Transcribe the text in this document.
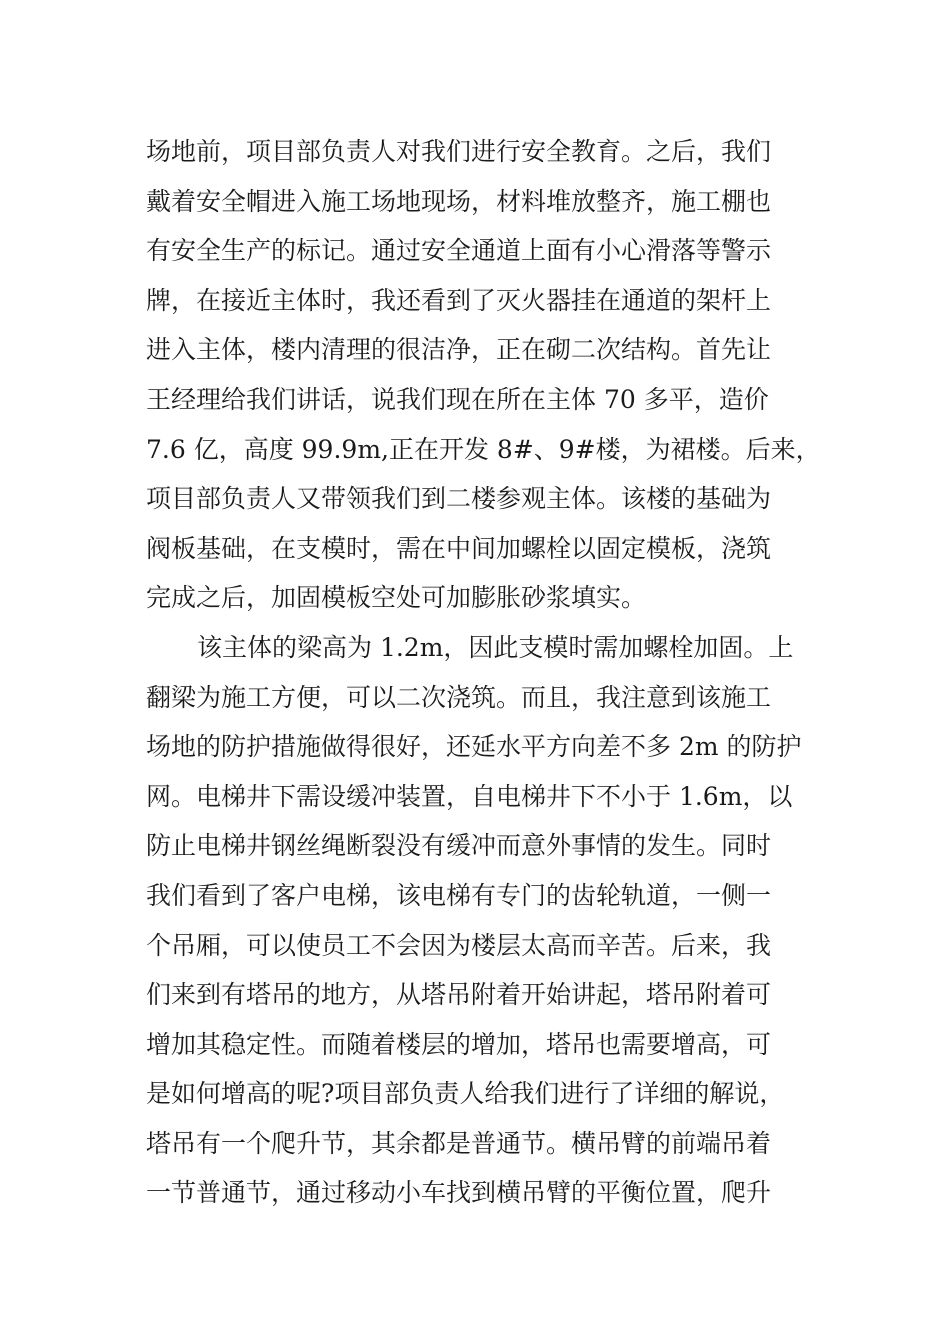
场地前，项目部负责人对我们进行安全教育。之后，我们
戴着安全帽进入施工场地现场，材料堆放整齐，施工棚也
有安全生产的标记。通过安全通道上面有小心滑落等警示
牌，在接近主体时，我还看到了灭火器挂在通道的架杆上
进入主体，楼内清理的很洁净，正在砌二次结构。首先让
王经理给我们讲话，说我们现在所在主体 70 多平，造价
7.6 亿，高度 99.9m,正在开发 8#、9#楼，为裙楼。后来，
项目部负责人又带领我们到二楼参观主体。该楼的基础为
阀板基础，在支模时，需在中间加螺栓以固定模板，浇筑
完成之后，加固模板空处可加膨胀砂浆填实。
该主体的梁高为 1.2m，因此支模时需加螺栓加固。上
翻梁为施工方便，可以二次浇筑。而且，我注意到该施工
场地的防护措施做得很好，还延水平方向差不多 2m 的防护
网。电梯井下需设缓冲装置，自电梯井下不小于 1.6m，以
防止电梯井钢丝绳断裂没有缓冲而意外事情的发生。同时
我们看到了客户电梯，该电梯有专门的齿轮轨道，一侧一
个吊厢，可以使员工不会因为楼层太高而辛苦。后来，我
们来到有塔吊的地方，从塔吊附着开始讲起，塔吊附着可
增加其稳定性。而随着楼层的增加，塔吊也需要增高，可
是如何增高的呢?项目部负责人给我们进行了详细的解说，
塔吊有一个爬升节，其余都是普通节。横吊臂的前端吊着
一节普通节，通过移动小车找到横吊臂的平衡位置，爬升
